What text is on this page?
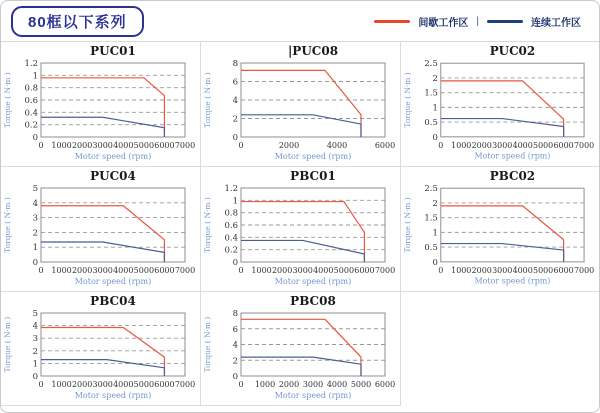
80框以下系列	间歇工作区 |	连续工作区
PUC01
0
0.2
0.4
0.6
0.8
1
1.2
0 1000 2000 3000 4000 5000 6000 7000
Motor speed (rpm)
Torque ( N·m )
|PUC08
0
2
4
6
8
0	2000	4000	6000
Motor speed (rpm)
Torque ( N·m )
PUC02
0
0.5
1
1.5
2
2.5
0 1000 2000 3000 4000 5000 6000 7000
Motor speed (rpm)
Torque ( N·m )
PUC04
0
1
2
3
4
5
0 1000 2000 3000 4000 5000 6000 7000
Motor speed (rpm)
Torque ( N·m )
PBC01
0
0.2
0.4
0.6
0.8
1
1.2
0 1000 2000 3000 4000 5000 6000 7000
Motor speed (rpm)
Torque ( N·m )
PBC02
0
0.5
1
1.5
2
2.5
0 1000 2000 3000 4000 5000 6000 7000
Motor speed (rpm)
Torque ( N·m )
PBC04
0
1
2
3
4
5
0 1000 2000 3000 4000 5000 6000 7000
Motor speed (rpm)
Torque ( N·m )
PBC08
0
2
4
6
8
0 1000 2000 3000 4000 5000 6000
Motor speed (rpm)
Torque ( N·m )
